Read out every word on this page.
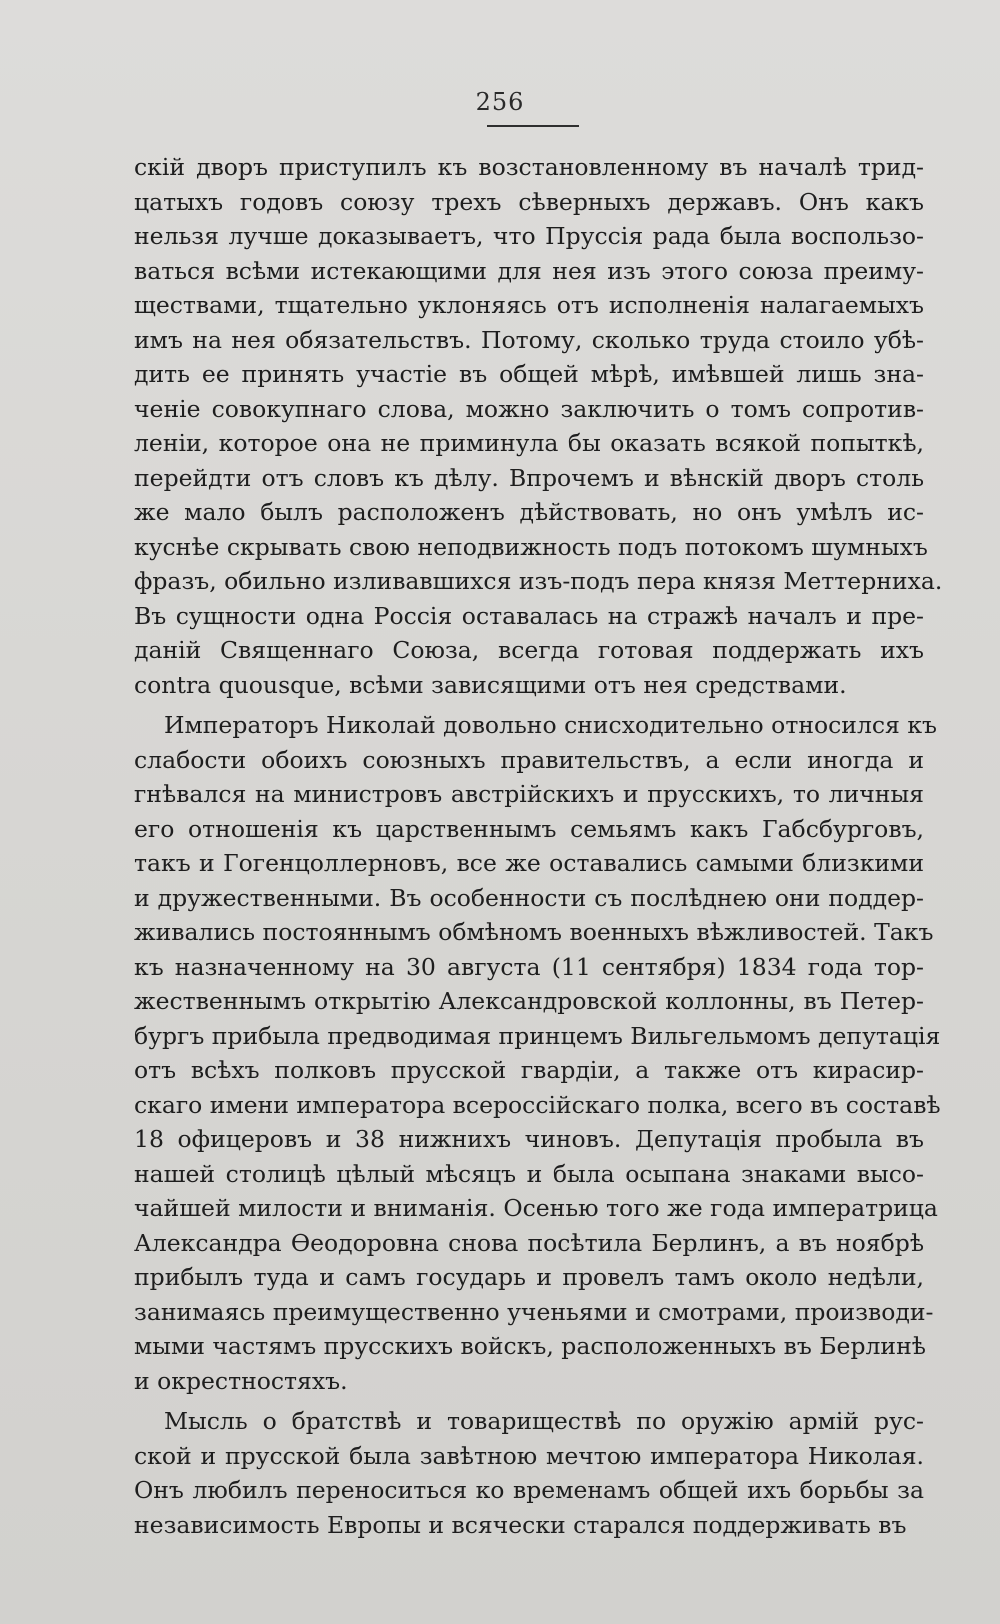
256
скій дворъ приступилъ къ возстановленному въ началѣ трид-
цатыхъ годовъ союзу трехъ сѣверныхъ державъ. Онъ какъ
нельзя лучше доказываетъ, что Пруссія рада была воспользо-
ваться всѣми истекающими для нея изъ этого союза преиму-
ществами, тщательно уклоняясь отъ исполненія налагаемыхъ
имъ на нея обязательствъ. Потому, сколько труда стоило убѣ-
дить ее принять участіе въ общей мѣрѣ, имѣвшей лишь зна-
ченіе совокупнаго слова, можно заключить о томъ сопротив-
леніи, которое она не приминула бы оказать всякой попыткѣ,
перейдти отъ словъ къ дѣлу. Впрочемъ и вѣнскій дворъ столь
же мало былъ расположенъ дѣйствовать, но онъ умѣлъ ис-
куснѣе скрывать свою неподвижность подъ потокомъ шумныхъ
фразъ, обильно изливавшихся изъ-подъ пера князя Меттерниха.
Въ сущности одна Россія оставалась на стражѣ началъ и пре-
даній Священнаго Союза, всегда готовая поддержать ихъ
contra quousque, всѣми зависящими отъ нея средствами.
Императоръ Николай довольно снисходительно относился къ
слабости обоихъ союзныхъ правительствъ, а если иногда и
гнѣвался на министровъ австрійскихъ и прусскихъ, то личныя
его отношенія къ царственнымъ семьямъ какъ Габсбурговъ,
такъ и Гогенцоллерновъ, все же оставались самыми близкими
и дружественными. Въ особенности съ послѣднею они поддер-
живались постояннымъ обмѣномъ военныхъ вѣжливостей. Такъ
къ назначенному на 30 августа (11 сентября) 1834 года тор-
жественнымъ открытію Александровской коллонны, въ Петер-
бургъ прибыла предводимая принцемъ Вильгельмомъ депутація
отъ всѣхъ полковъ прусской гвардіи, а также отъ кирасир-
скаго имени императора всероссійскаго полка, всего въ составѣ
18 офицеровъ и 38 нижнихъ чиновъ. Депутація пробыла въ
нашей столицѣ цѣлый мѣсяцъ и была осыпана знаками высо-
чайшей милости и вниманія. Осенью того же года императрица
Александра Ѳеодоровна снова посѣтила Берлинъ, а въ ноябрѣ
прибылъ туда и самъ государь и провелъ тамъ около недѣли,
занимаясь преимущественно ученьями и смотрами, производи-
мыми частямъ прусскихъ войскъ, расположенныхъ въ Берлинѣ
и окрестностяхъ.
Мысль о братствѣ и товариществѣ по оружію армій рус-
ской и прусской была завѣтною мечтою императора Николая.
Онъ любилъ переноситься ко временамъ общей ихъ борьбы за
независимость Европы и всячески старался поддерживать въ
